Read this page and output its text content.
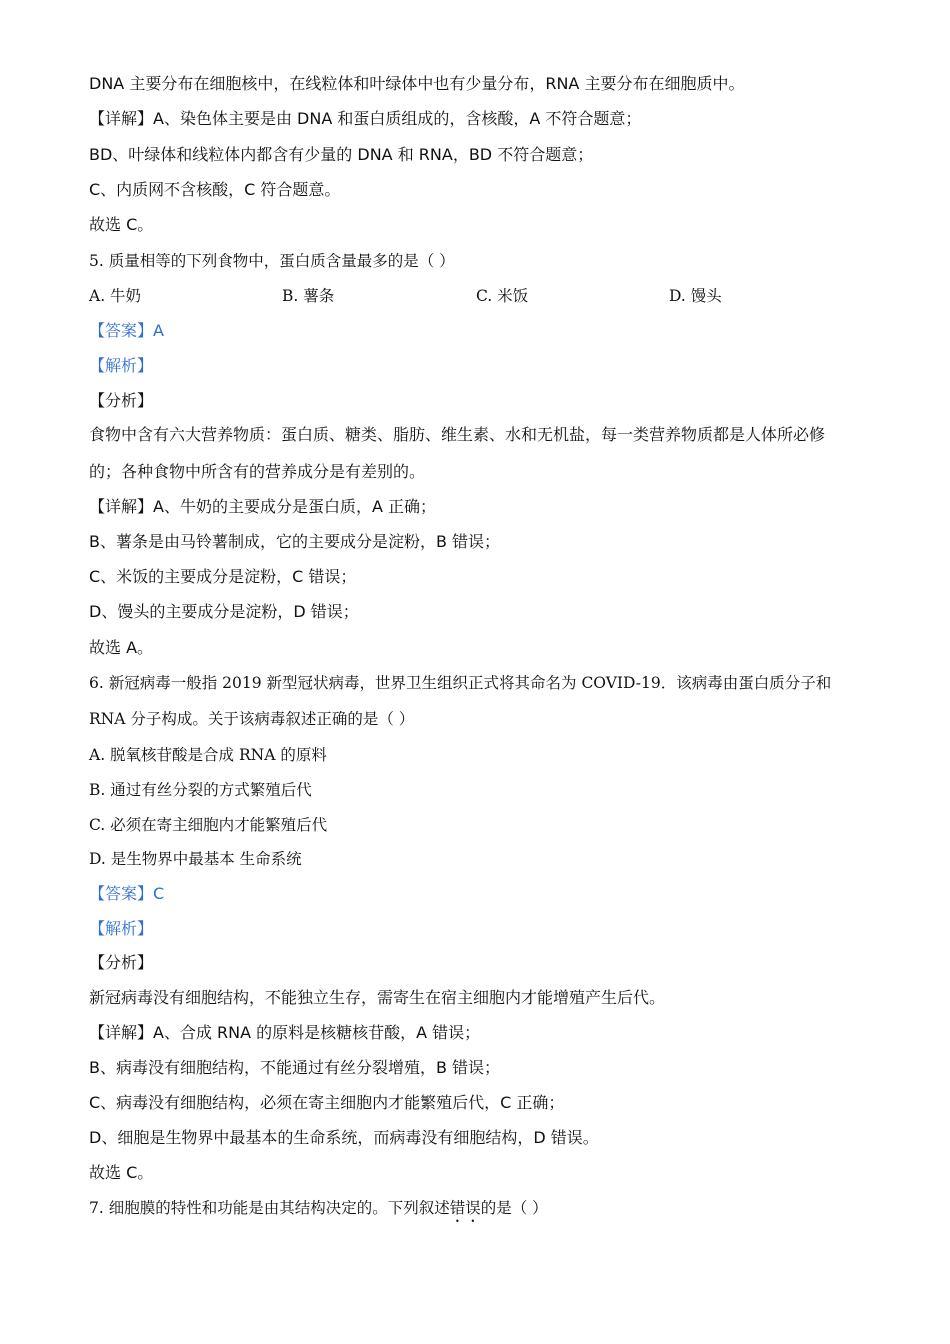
DNA 主要分布在细胞核中，在线粒体和叶绿体中也有少量分布，RNA 主要分布在细胞质中。
【详解】A、染色体主要是由 DNA 和蛋白质组成的，含核酸，A 不符合题意；
BD、叶绿体和线粒体内都含有少量的 DNA 和 RNA，BD 不符合题意；
C、内质网不含核酸，C 符合题意。
故选 C。
5. 质量相等的下列食物中，蛋白质含量最多的是（ ）
A. 牛奶	B. 薯条	C. 米饭	D. 馒头
【答案】A
【解析】
【分析】
食物中含有六大营养物质：蛋白质、糖类、脂肪、维生素、水和无机盐，每一类营养物质都是人体所必修
的；各种食物中所含有的营养成分是有差别的。
【详解】A、牛奶的主要成分是蛋白质，A 正确；
B、薯条是由马铃薯制成，它的主要成分是淀粉，B 错误；
C、米饭的主要成分是淀粉，C 错误；
D、馒头的主要成分是淀粉，D 错误；
故选 A。
6. 新冠病毒一般指 2019 新型冠状病毒，世界卫生组织正式将其命名为 COVID-19．该病毒由蛋白质分子和
RNA 分子构成。关于该病毒叙述正确的是（ ）
A. 脱氧核苷酸是合成 RNA 的原料
B. 通过有丝分裂的方式繁殖后代
C. 必须在寄主细胞内才能繁殖后代
D. 是生物界中最基本 生命系统
【答案】C
【解析】
【分析】
新冠病毒没有细胞结构，不能独立生存，需寄生在宿主细胞内才能增殖产生后代。
【详解】A、合成 RNA 的原料是核糖核苷酸，A 错误；
B、病毒没有细胞结构，不能通过有丝分裂增殖，B 错误；
C、病毒没有细胞结构，必须在寄主细胞内才能繁殖后代，C 正确；
D、细胞是生物界中最基本的生命系统，而病毒没有细胞结构，D 错误。
故选 C。
7. 细胞膜的特性和功能是由其结构决定的。下列叙述错误的是（ ）
